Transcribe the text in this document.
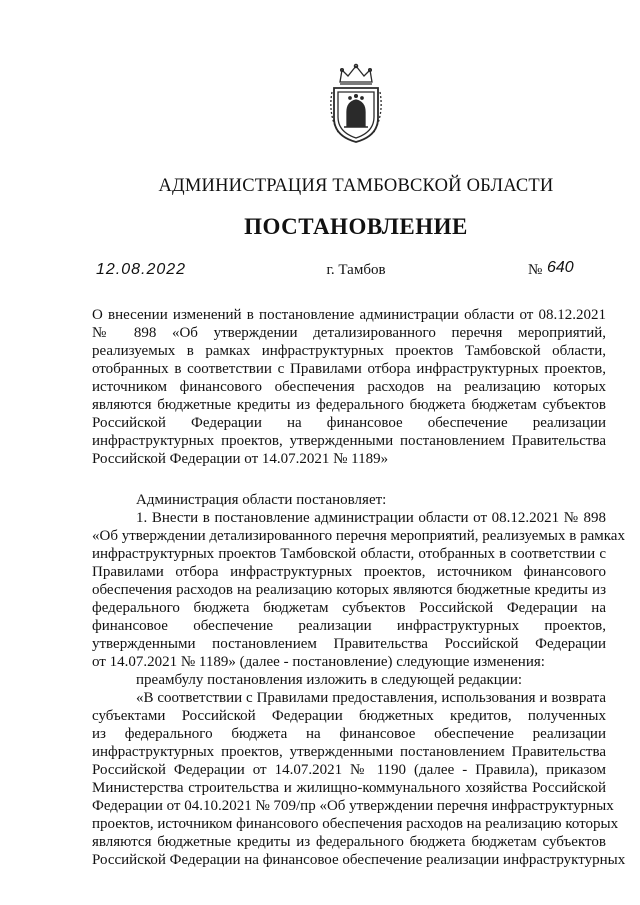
АДМИНИСТРАЦИЯ ТАМБОВСКОЙ ОБЛАСТИ
ПОСТАНОВЛЕНИЕ
12.08.2022	г. Тамбов	№ 640
О внесении изменений в постановление администрации области от 08.12.2021
№ 898 «Об утверждении детализированного перечня мероприятий,
реализуемых в рамках инфраструктурных проектов Тамбовской области,
отобранных в соответствии с Правилами отбора инфраструктурных проектов,
источником финансового обеспечения расходов на реализацию которых
являются бюджетные кредиты из федерального бюджета бюджетам субъектов
Российской Федерации на финансовое обеспечение реализации
инфраструктурных проектов, утвержденными постановлением Правительства
Российской Федерации от 14.07.2021 № 1189»
Администрация области постановляет:
1. Внести в постановление администрации области от 08.12.2021 № 898
«Об утверждении детализированного перечня мероприятий, реализуемых в рамках
инфраструктурных проектов Тамбовской области, отобранных в соответствии с
Правилами отбора инфраструктурных проектов, источником финансового
обеспечения расходов на реализацию которых являются бюджетные кредиты из
федерального бюджета бюджетам субъектов Российской Федерации на
финансовое обеспечение реализации инфраструктурных проектов,
утвержденными постановлением Правительства Российской Федерации
от 14.07.2021 № 1189» (далее - постановление) следующие изменения:
преамбулу постановления изложить в следующей редакции:
«В соответствии с Правилами предоставления, использования и возврата
субъектами Российской Федерации бюджетных кредитов, полученных
из федерального бюджета на финансовое обеспечение реализации
инфраструктурных проектов, утвержденными постановлением Правительства
Российской Федерации от 14.07.2021 № 1190 (далее - Правила), приказом
Министерства строительства и жилищно-коммунального хозяйства Российской
Федерации от 04.10.2021 № 709/пр «Об утверждении перечня инфраструктурных
проектов, источником финансового обеспечения расходов на реализацию которых
являются бюджетные кредиты из федерального бюджета бюджетам субъектов
Российской Федерации на финансовое обеспечение реализации инфраструктурных
